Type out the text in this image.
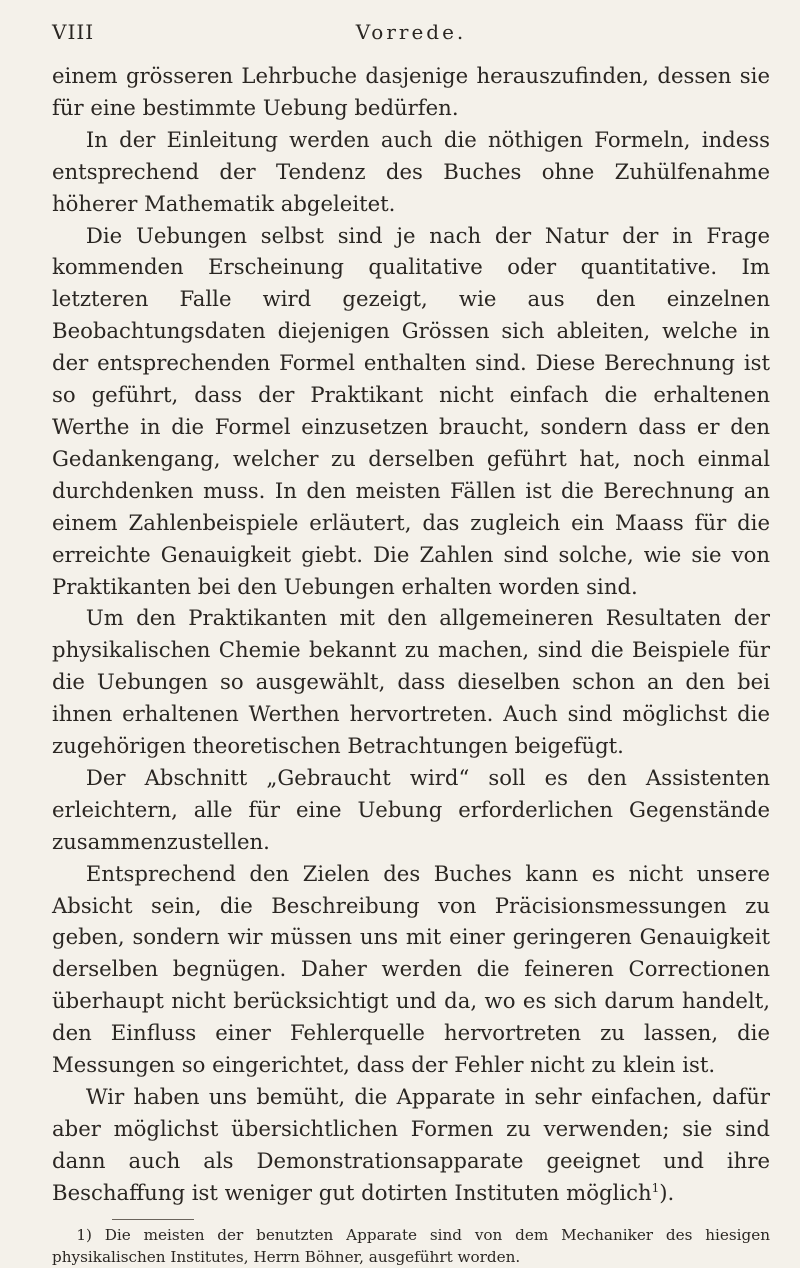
VIII	Vorrede.

einem grösseren Lehrbuche dasjenige herauszufinden, dessen sie für eine bestimmte Uebung bedürfen.

In der Einleitung werden auch die nöthigen Formeln, indess entsprechend der Tendenz des Buches ohne Zuhülfenahme höherer Mathematik abgeleitet.

Die Uebungen selbst sind je nach der Natur der in Frage kommenden Erscheinung qualitative oder quantitative. Im letzteren Falle wird gezeigt, wie aus den einzelnen Beobachtungsdaten diejenigen Grössen sich ableiten, welche in der entsprechenden Formel enthalten sind. Diese Berechnung ist so geführt, dass der Praktikant nicht einfach die erhaltenen Werthe in die Formel einzusetzen braucht, sondern dass er den Gedankengang, welcher zu derselben geführt hat, noch einmal durchdenken muss. In den meisten Fällen ist die Berechnung an einem Zahlenbeispiele erläutert, das zugleich ein Maass für die erreichte Genauigkeit giebt. Die Zahlen sind solche, wie sie von Praktikanten bei den Uebungen erhalten worden sind.

Um den Praktikanten mit den allgemeineren Resultaten der physikalischen Chemie bekannt zu machen, sind die Beispiele für die Uebungen so ausgewählt, dass dieselben schon an den bei ihnen erhaltenen Werthen hervortreten. Auch sind möglichst die zugehörigen theoretischen Betrachtungen beigefügt.

Der Abschnitt „Gebraucht wird“ soll es den Assistenten erleichtern, alle für eine Uebung erforderlichen Gegenstände zusammenzustellen.

Entsprechend den Zielen des Buches kann es nicht unsere Absicht sein, die Beschreibung von Präcisionsmessungen zu geben, sondern wir müssen uns mit einer geringeren Genauigkeit derselben begnügen. Daher werden die feineren Correctionen überhaupt nicht berücksichtigt und da, wo es sich darum handelt, den Einfluss einer Fehlerquelle hervortreten zu lassen, die Messungen so eingerichtet, dass der Fehler nicht zu klein ist.

Wir haben uns bemüht, die Apparate in sehr einfachen, dafür aber möglichst übersichtlichen Formen zu verwenden; sie sind dann auch als Demonstrationsapparate geeignet und ihre Beschaffung ist weniger gut dotirten Instituten möglich$^1$).

1) Die meisten der benutzten Apparate sind von dem Mechaniker des hiesigen physikalischen Institutes, Herrn Böhner, ausgeführt worden.
